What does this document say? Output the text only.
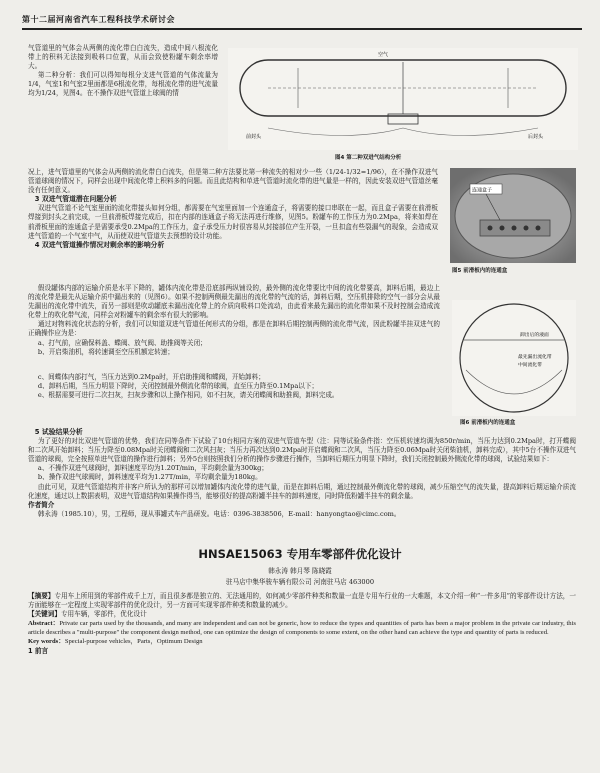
第十二届河南省汽车工程科技学术研讨会

气管道里的气体会从两侧的流化带白白流失，造成中间八根流化带上的积料无法接到吸料口位置，从而会致使粉罐车剩余率增大。

第二种分析：我们可以得知每根分支进气管道的气体流量为1/4，气室1和气室2里面都是6根流化带，每根流化带的进气流量均为1/24，见图4。在不操作双进气管道上球阀的情

空气
前封头	后封头
图4 第二种双进气结构分析

况上，进气管道里的气体会从两侧的流化带白白流失，但是第二种方法要比第一种流失的相对少一些（1/24-1/32=1/96），在不操作双进气管道球阀的情况下，同样会出现中间流化带上积料多的问题。而且此结构和单进气管道时流化带的进气量是一样的，因此安装双进气管道丝毫没有任何意义。

3 双进气管道潜在问题分析

双进气管道不论气室里面的流化带接头如何分组，都需要在气室里面加一个连通盒子，将需要的接口串联在一起，而且盒子需要在前滑板焊接到封头之前完成，一旦前滑板焊接完成后，扣在内部的连通盒子将无法再进行维修，见图5。粉罐车的工作压力为0.2Mpa，将来如焊在前滑板里面的连通盒子是需要承受0.2Mpa的工作压力，盒子承受压力时很容易从封接部位产生开裂，一旦扣盒有些裂漏气的现象，会造成双进气管道的一个气室中气，从而使双进气管道失去预想的设计功能。

4 双进气管道操作情况对剩余率的影响分析

连通盒子
图5 前滑板内的连通盒

假设罐体内部的运输介质是水平下降的，罐体内流化带是沿底部两纵铺设的，最外侧的流化带要比中间的流化带要高，卸料后期，最边上的流化带是最先从运输介质中漏出来的（见图6）。如果不控制两侧最先漏出的流化带的气流的话，卸料后期，空压机排除的空气一部分会从最先漏出的流化带中流失，而另一部则是吹动罐底未漏出流化带上的介质向吸料口处流动，由此看来最先漏出的流化带如果不及时控制会造成流化带上的吹化带气流，同样会对粉罐车的剩余率有很大的影响。

通过对物料流化状态的分析，我们可以知道双进气管道任何形式的分组，都是在卸料后期控制两侧的流化带气流，因此粉罐半挂双进气的正确操作应为是：

a、打气前，应确保料盖、蝶阀、放气阀、助推阀等关闭；

b、开启柴油机，将转速调至空压机额定转速；

卸出后的液面
最先漏出流化带
中间流化带
图6 前滑板内的连通盒

c、间蝶体内部打气，当压力达到0.2Mpa时，开启助推阀和蝶阀，开始卸料；

d、卸料后期，当压力明显下降时，关闭控制最外侧流化带的球阀，直至压力降至0.1Mpa以下；

e、根据需要可进行二次扫灰，扫灰步骤和以上操作相同，如不扫灰，请关闭蝶阀和助推阀，卸料完成。

5 试验结果分析

为了更好的对比双进气管道的优势，我们在同等条件下试验了10台相同方案的双进气管道车型（注：同等试验条件指：空压机转速均调为850r/min，当压力达到0.2Mpa时，打开蝶阀和二次风开始卸料；当压力降至0.08Mpa时关闭蝶阀和二次风扫灰；当压力再次达到0.2Mpa时开启蝶阀和二次风，当压力降至0.06Mpa时关闭柴油机，卸料完成），其中5台不操作双进气管道的球阀，完全按照单进气管道的操作进行卸料；另外5台则按照我们分析的操作步骤进行操作，当卸料后期压力明显下降时，我们关闭控制最外侧流化带的球阀，试验结果如下：

a、不操作双进气球阀时，卸料速度平均为1.20T/min，平均剩余量为300kg；

b、操作双进气球阀时，卸料速度平均为1.27T/min，平均剩余量为180kg。

由此可见，双进气管道结构并非客户所认为的那样可以增加罐体内流化带的进气量，而是在卸料后期，通过控制最外侧流化带的球阀，减少压缩空气的流失量，提高卸料后期运输介质流化速度，通过以上数据表明，双进气管道结构如果操作得当，能够很好的提高粉罐半挂车的卸料速度，同时降低粉罐半挂车的剩余量。

作者简介

韩永涛（1985.10），男，工程师，现从事罐式车产品研发。电话：0396-3838506，E-mail：hanyongtao@cimc.com。

HNSAE15063 专用车零部件优化设计
韩永涛 韩月琴 陈晓霞
驻马店中集华骏车辆有限公司 河南驻马店 463000

【摘要】专用车上所用到的零部件成千上万，而且很多都是独立的、无法通用的，如何减少零部件种类和数量一直是专用车行业的一大难题，本文介绍一种“一件多用”的零部件设计方法，一方面能够在一定程度上实现零部件的优化设计，另一方面可实现零部件种类和数量的减少。

【关键词】专用车辆，零部件，优化设计

Abstract：Private car parts used by the thousands, and many are independent and can not be generic, how to reduce the types and quantities of parts has been a major problem in the private car industry, this article describes a "multi-purpose" the component design method, one can optimize the design of components to some extent, on the other hand can achieve the type and quantity of parts is reduced.

Key words：Special-purpose vehicles，Parts，Optimum Design

1 前言
